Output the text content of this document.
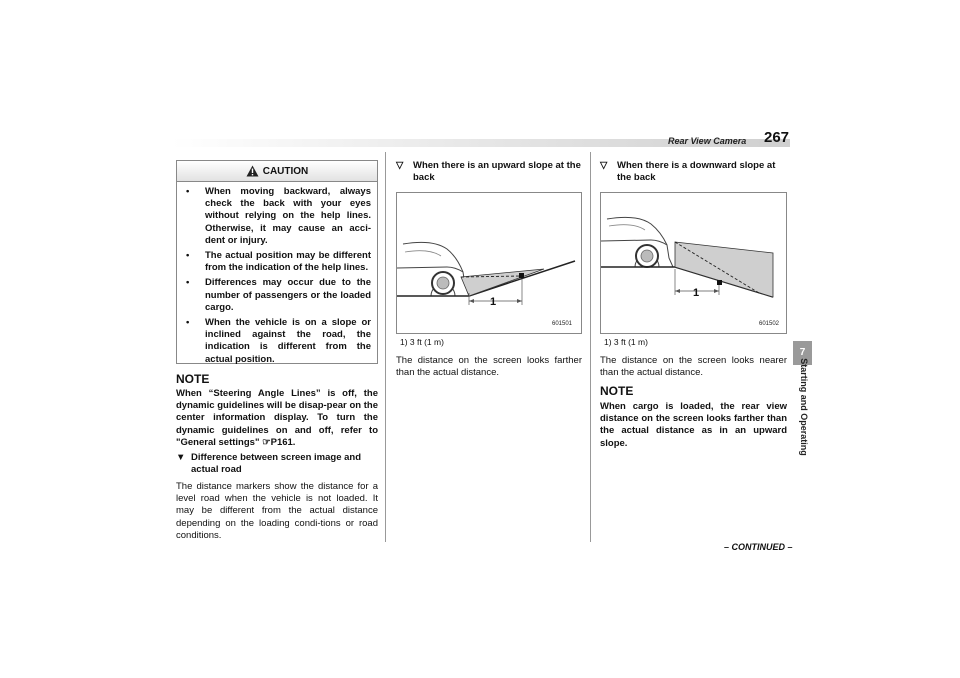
Rear View Camera 267
7
Starting and Operating
CAUTION
• When moving backward, always check the back with your eyes without relying on the help lines. Otherwise, it may cause an acci-dent or injury.
• The actual position may be different from the indication of the help lines.
• Differences may occur due to the number of passengers or the loaded cargo.
• When the vehicle is on a slope or inclined against the road, the indication is different from the actual position.
NOTE
When “Steering Angle Lines” is off, the dynamic guidelines will be disap-pear on the center information display. To turn the dynamic guidelines on and off, refer to "General settings" ☞P161.
▼ Difference between screen image and actual road
The distance markers show the distance for a level road when the vehicle is not loaded. It may be different from the actual distance depending on the loading condi-tions or road conditions.
▽ When there is an upward slope at the back
1
601501
1) 3 ft (1 m)
The distance on the screen looks farther than the actual distance.
▽ When there is a downward slope at the back
1
601502
1) 3 ft (1 m)
The distance on the screen looks nearer than the actual distance.
NOTE
When cargo is loaded, the rear view distance on the screen looks farther than the actual distance as in an upward slope.
– CONTINUED –
